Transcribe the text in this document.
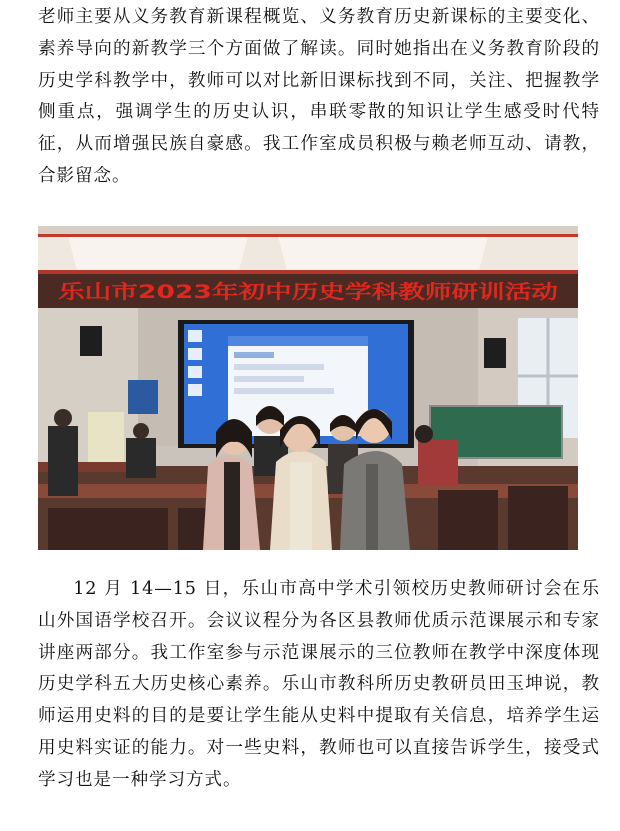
老师主要从义务教育新课程概览、义务教育历史新课标的主要变化、素养导向的新教学三个方面做了解读。同时她指出在义务教育阶段的历史学科教学中，教师可以对比新旧课标找到不同，关注、把握教学侧重点，强调学生的历史认识，串联零散的知识让学生感受时代特征，从而增强民族自豪感。我工作室成员积极与赖老师互动、请教，合影留念。

乐山市2023年初中历史学科教师研训活动

12 月 14—15 日，乐山市高中学术引领校历史教师研讨会在乐山外国语学校召开。会议议程分为各区县教师优质示范课展示和专家讲座两部分。我工作室参与示范课展示的三位教师在教学中深度体现历史学科五大历史核心素养。乐山市教科所历史教研员田玉坤说，教师运用史料的目的是要让学生能从史料中提取有关信息，培养学生运用史料实证的能力。对一些史料，教师也可以直接告诉学生，接受式学习也是一种学习方式。
